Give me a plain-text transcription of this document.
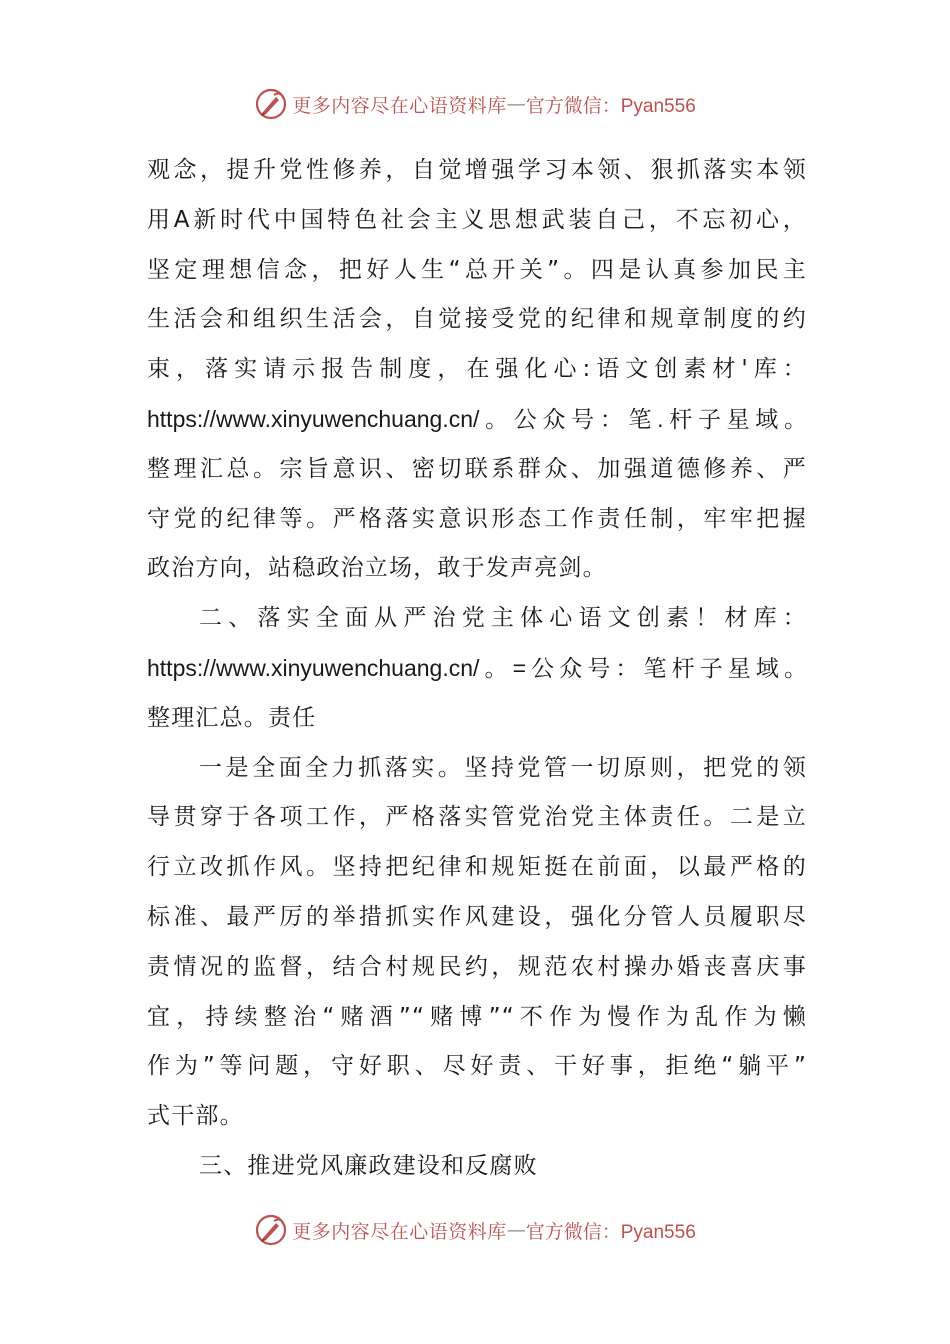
更多内容尽在心语资料库 — 官方微信：Pyan556
观念，提升党性修养，自觉增强学习本领、狠抓落实本领
用A新时代中国特色社会主义思想武装自己，不忘初心，
坚定理想信念，把好人生“总开关”。四是认真参加民主
生活会和组织生活会，自觉接受党的纪律和规章制度的约
束，落实请示报告制度，在强化心:语文创素材'库：
https://www.xinyuwenchuang.cn/。公众号：笔.杆子星域。
整理汇总。宗旨意识、密切联系群众、加强道德修养、严
守党的纪律等。严格落实意识形态工作责任制，牢牢把握
政治方向，站稳政治立场，敢于发声亮剑。
二、落实全面从严治党主体心语文创素！材库：
https://www.xinyuwenchuang.cn/。=公众号：笔杆子星域。
整理汇总。责任
一是全面全力抓落实。坚持党管一切原则，把党的领
导贯穿于各项工作，严格落实管党治党主体责任。二是立
行立改抓作风。坚持把纪律和规矩挺在前面，以最严格的
标准、最严厉的举措抓实作风建设，强化分管人员履职尽
责情况的监督，结合村规民约，规范农村操办婚丧喜庆事
宜，持续整治“赌酒”“赌博”“不作为慢作为乱作为懒
作为”等问题，守好职、尽好责、干好事，拒绝“躺平”
式干部。
三、推进党风廉政建设和反腐败
更多内容尽在心语资料库 — 官方微信：Pyan556
